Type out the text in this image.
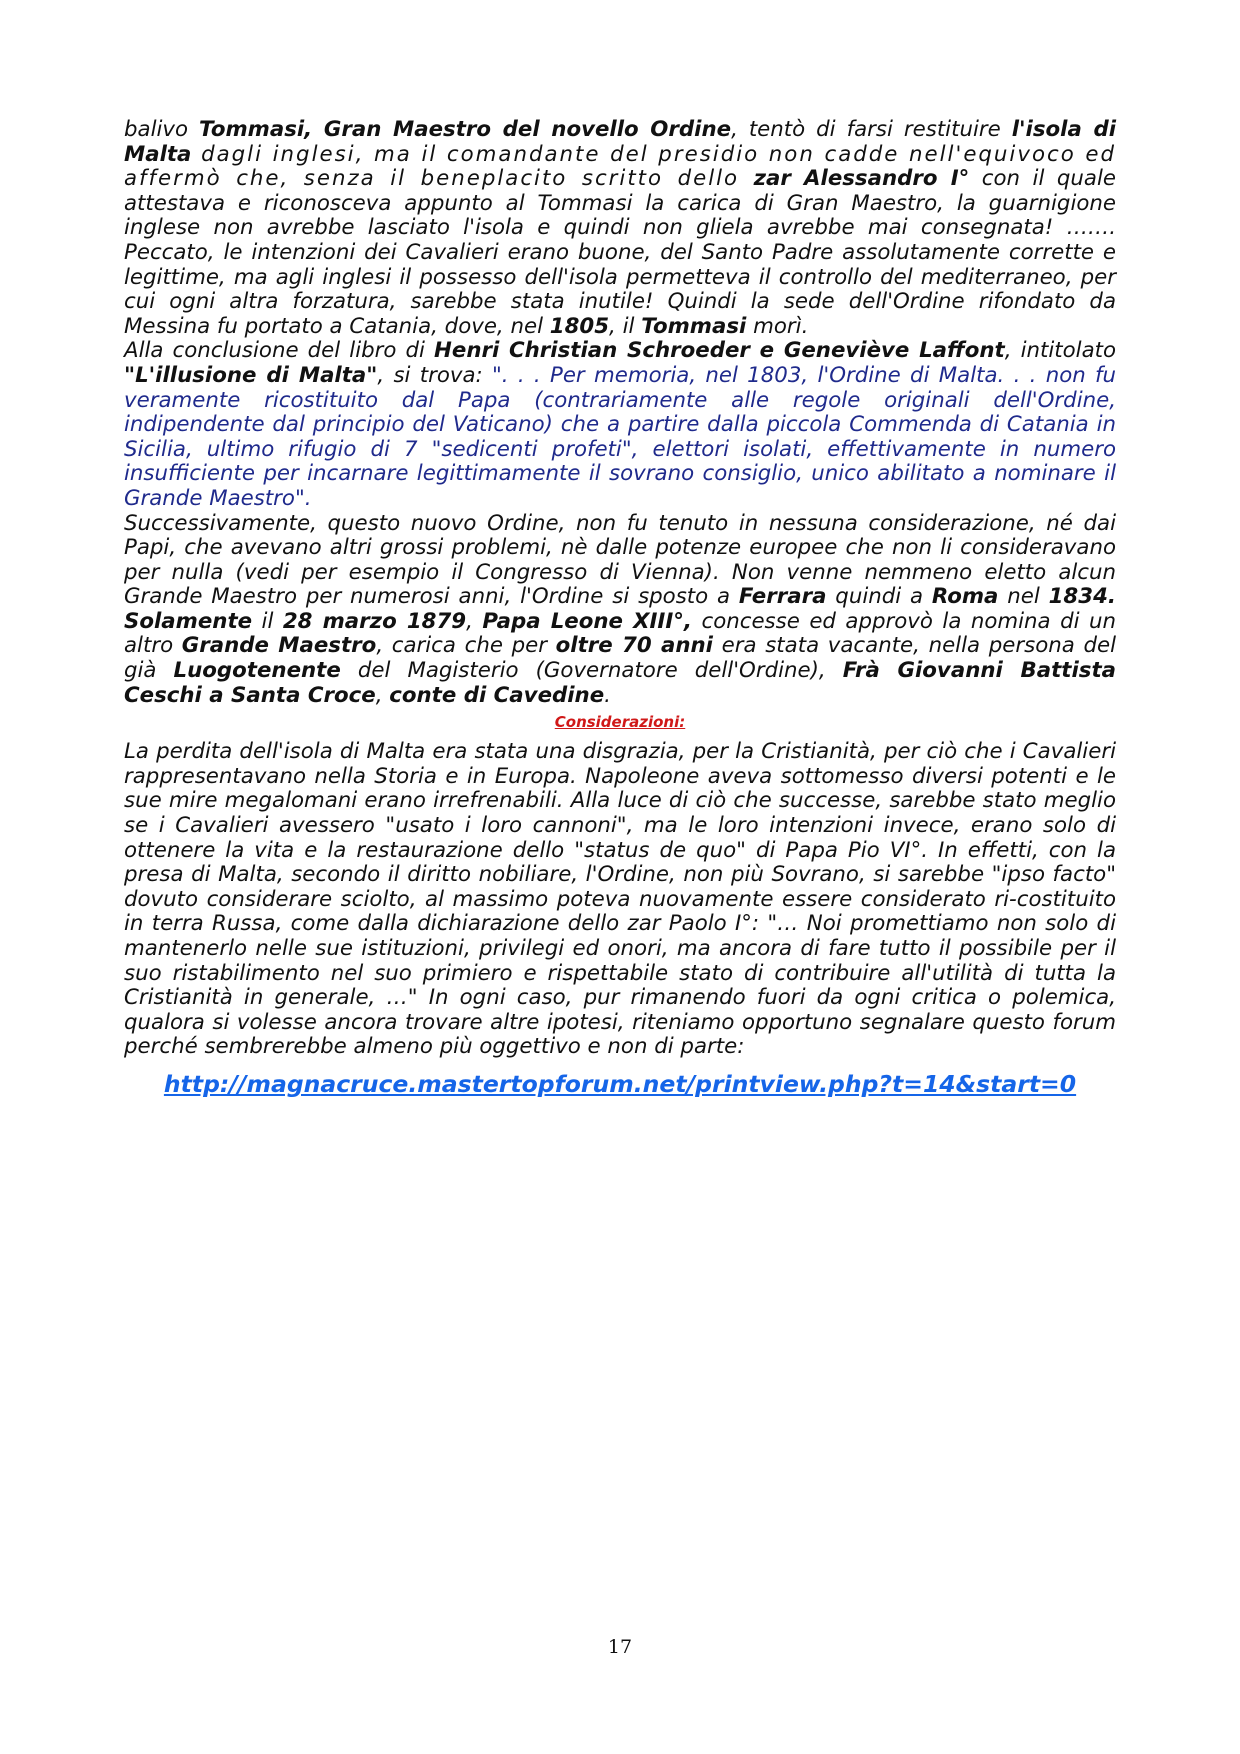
balivo Tommasi, Gran Maestro del novello Ordine, tentò di farsi restituire l'isola di Malta dagli inglesi, ma il comandante del presidio non cadde nell'equivoco ed affermò che, senza il beneplacito scritto dello zar Alessandro I° con il quale attestava e riconosceva appunto al Tommasi la carica di Gran Maestro, la guarnigione inglese non avrebbe lasciato l'isola e quindi non gliela avrebbe mai consegnata! ……. Peccato, le intenzioni dei Cavalieri erano buone, del Santo Padre assolutamente corrette e legittime, ma agli inglesi il possesso dell'isola permetteva il controllo del mediterraneo, per cui ogni altra forzatura, sarebbe stata inutile! Quindi la sede dell'Ordine rifondato da Messina fu portato a Catania, dove, nel 1805, il Tommasi morì.

Alla conclusione del libro di Henri Christian Schroeder e Geneviève Laffont, intitolato "L'illusione di Malta", si trova: ". . . Per memoria, nel 1803, l'Ordine di Malta. . . non fu veramente ricostituito dal Papa (contrariamente alle regole originali dell'Ordine, indipendente dal principio del Vaticano) che a partire dalla piccola Commenda di Catania in Sicilia, ultimo rifugio di 7 "sedicenti profeti", elettori isolati, effettivamente in numero insufficiente per incarnare legittimamente il sovrano consiglio, unico abilitato a nominare il Grande Maestro".

Successivamente, questo nuovo Ordine, non fu tenuto in nessuna considerazione, né dai Papi, che avevano altri grossi problemi, nè dalle potenze europee che non li consideravano per nulla (vedi per esempio il Congresso di Vienna). Non venne nemmeno eletto alcun Grande Maestro per numerosi anni, l'Ordine si sposto a Ferrara quindi a Roma nel 1834. Solamente il 28 marzo 1879, Papa Leone XIII°, concesse ed approvò la nomina di un altro Grande Maestro, carica che per oltre 70 anni era stata vacante, nella persona del già Luogotenente del Magisterio (Governatore dell'Ordine), Frà Giovanni Battista Ceschi a Santa Croce, conte di Cavedine.

Considerazioni:

La perdita dell'isola di Malta era stata una disgrazia, per la Cristianità, per ciò che i Cavalieri rappresentavano nella Storia e in Europa. Napoleone aveva sottomesso diversi potenti e le sue mire megalomani erano irrefrenabili. Alla luce di ciò che successe, sarebbe stato meglio se i Cavalieri avessero "usato i loro cannoni", ma le loro intenzioni invece, erano solo di ottenere la vita e la restaurazione dello "status de quo" di Papa Pio VI°. In effetti, con la presa di Malta, secondo il diritto nobiliare, l'Ordine, non più Sovrano, si sarebbe "ipso facto" dovuto considerare sciolto, al massimo poteva nuovamente essere considerato ri-costituito in terra Russa, come dalla dichiarazione dello zar Paolo I°: "… Noi promettiamo non solo di mantenerlo nelle sue istituzioni, privilegi ed onori, ma ancora di fare tutto il possibile per il suo ristabilimento nel suo primiero e rispettabile stato di contribuire all'utilità di tutta la Cristianità in generale, …" In ogni caso, pur rimanendo fuori da ogni critica o polemica, qualora si volesse ancora trovare altre ipotesi, riteniamo opportuno segnalare questo forum perché sembrerebbe almeno più oggettivo e non di parte:

http://magnacruce.mastertopforum.net/printview.php?t=14&start=0
17
